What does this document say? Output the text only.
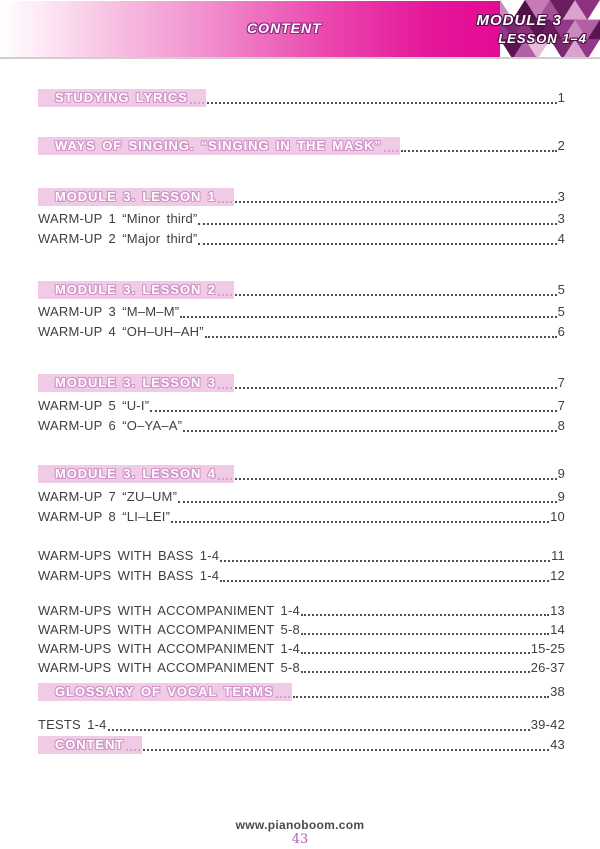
CONTENT	MODULE 3
LESSON 1–4
STUDYING LYRICS	1
WAYS OF SINGING. “SINGING IN THE MASK”	2
MODULE 3. LESSON 1	3
WARM-UP 1 “Minor third”	3
WARM-UP 2 “Major third”	4
MODULE 3. LESSON 2	5
WARM-UP 3 “M–M–M”	5
WARM-UP 4 “OH–UH–AH”	6
MODULE 3. LESSON 3	7
WARM-UP 5 “U-I”	7
WARM-UP 6 “O–YA–A”	8
MODULE 3. LESSON 4	9
WARM-UP 7 “ZU–UM”	9
WARM-UP 8 “LI–LEI”	10
WARM-UPS WITH BASS 1-4	11
WARM-UPS WITH BASS 1-4	12
WARM-UPS WITH ACCOMPANIMENT 1-4	13
WARM-UPS WITH ACCOMPANIMENT 5-8	14
WARM-UPS WITH ACCOMPANIMENT 1-4	15-25
WARM-UPS WITH ACCOMPANIMENT 5-8	26-37
GLOSSARY OF VOCAL TERMS	38
TESTS 1-4	39-42
CONTENT	43
www.pianoboom.com
43
